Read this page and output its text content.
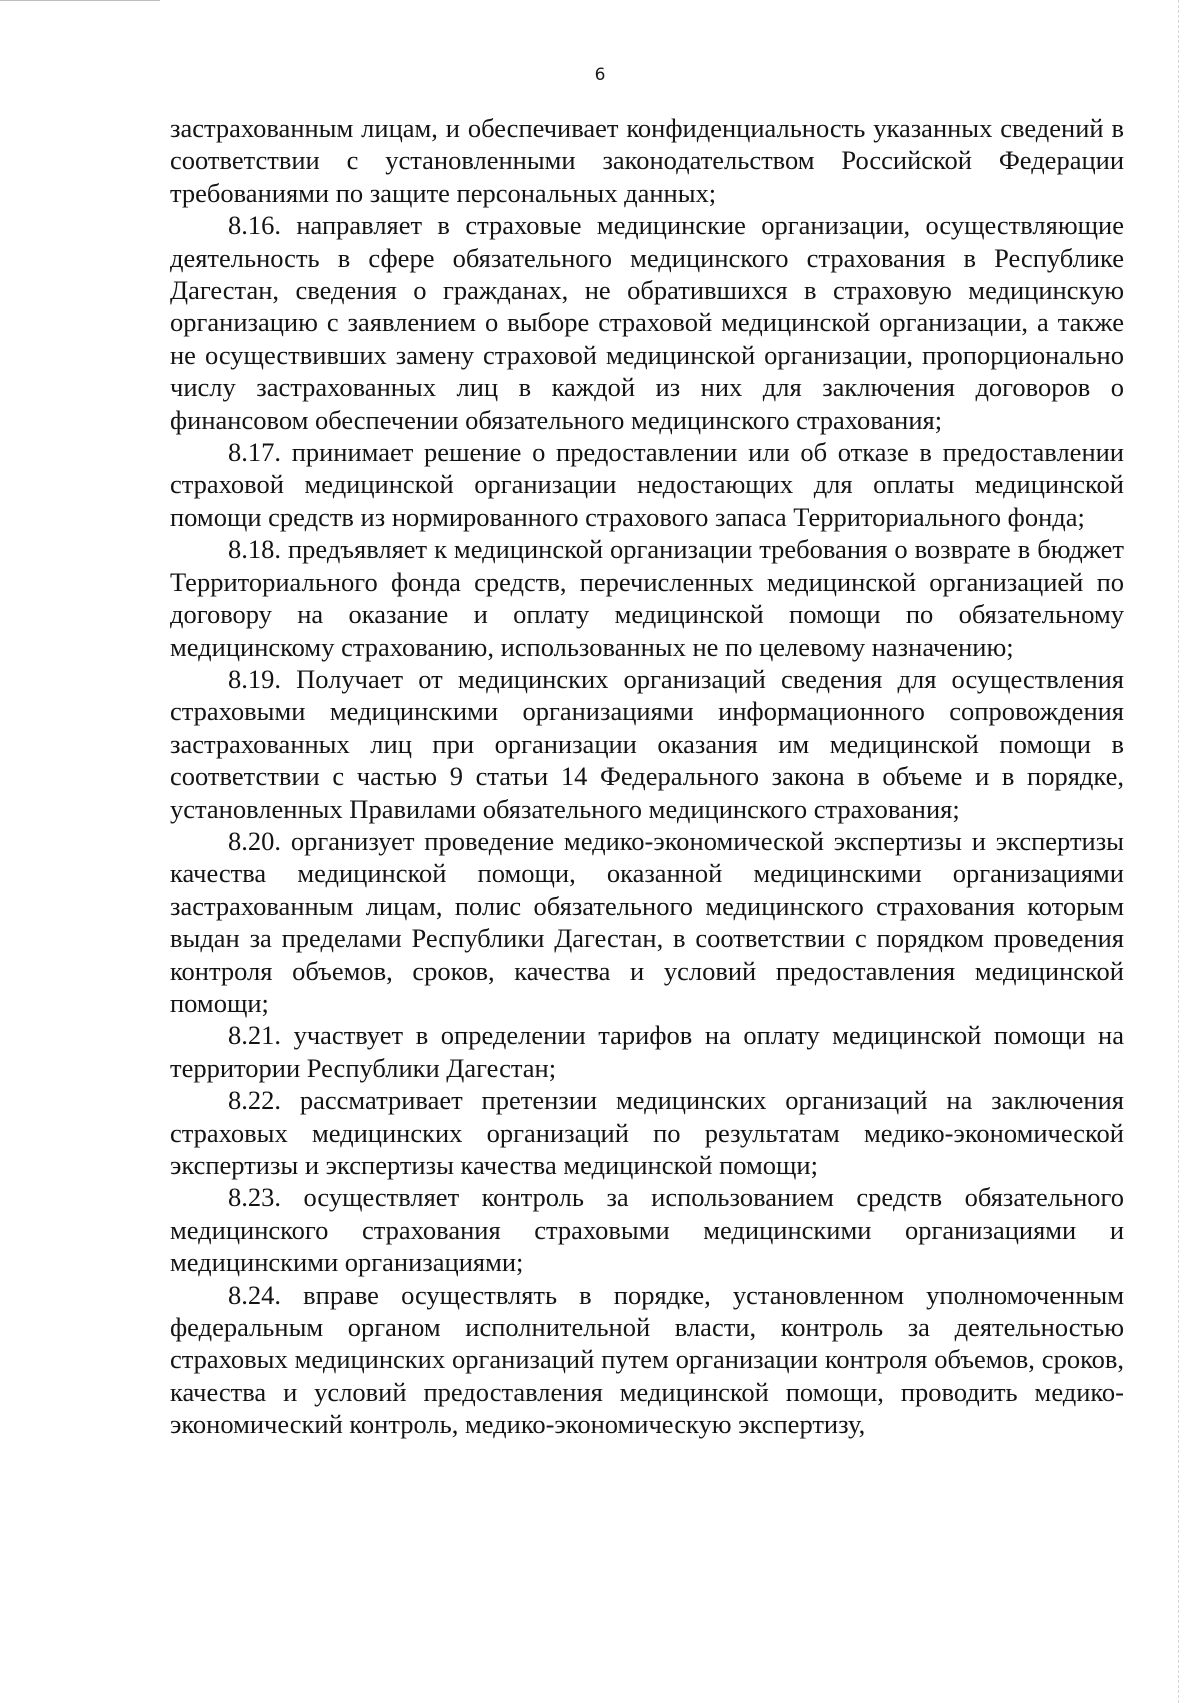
6

застрахованным лицам, и обеспечивает конфиденциальность указанных сведений в соответствии с установленными законодательством Российской Федерации требованиями по защите персональных данных;

8.16. направляет в страховые медицинские организации, осуществляющие деятельность в сфере обязательного медицинского страхования в Республике Дагестан, сведения о гражданах, не обратившихся в страховую медицинскую организацию с заявлением о выборе страховой медицинской организации, а также не осуществивших замену страховой медицинской организации, пропорционально числу застрахованных лиц в каждой из них для заключения договоров о финансовом обеспечении обязательного медицинского страхования;

8.17. принимает решение о предоставлении или об отказе в предоставлении страховой медицинской организации недостающих для оплаты медицинской помощи средств из нормированного страхового запаса Территориального фонда;

8.18. предъявляет к медицинской организации требования о возврате в бюджет Территориального фонда средств, перечисленных медицинской организацией по договору на оказание и оплату медицинской помощи по обязательному медицинскому страхованию, использованных не по целевому назначению;

8.19. Получает от медицинских организаций сведения для осуществления страховыми медицинскими организациями информационного сопровождения застрахованных лиц при организации оказания им медицинской помощи в соответствии с частью 9 статьи 14 Федерального закона в объеме и в порядке, установленных Правилами обязательного медицинского страхования;

8.20. организует проведение медико-экономической экспертизы и экспертизы качества медицинской помощи, оказанной медицинскими организациями застрахованным лицам, полис обязательного медицинского страхования которым выдан за пределами Республики Дагестан, в соответствии с порядком проведения контроля объемов, сроков, качества и условий предоставления медицинской помощи;

8.21. участвует в определении тарифов на оплату медицинской помощи на территории Республики Дагестан;

8.22. рассматривает претензии медицинских организаций на заключения страховых медицинских организаций по результатам медико-экономической экспертизы и экспертизы качества медицинской помощи;

8.23. осуществляет контроль за использованием средств обязательного медицинского страхования страховыми медицинскими организациями и медицинскими организациями;

8.24. вправе осуществлять в порядке, установленном уполномоченным федеральным органом исполнительной власти, контроль за деятельностью страховых медицинских организаций путем организации контроля объемов, сроков, качества и условий предоставления медицинской помощи, проводить медико-экономический контроль, медико-экономическую экспертизу,
